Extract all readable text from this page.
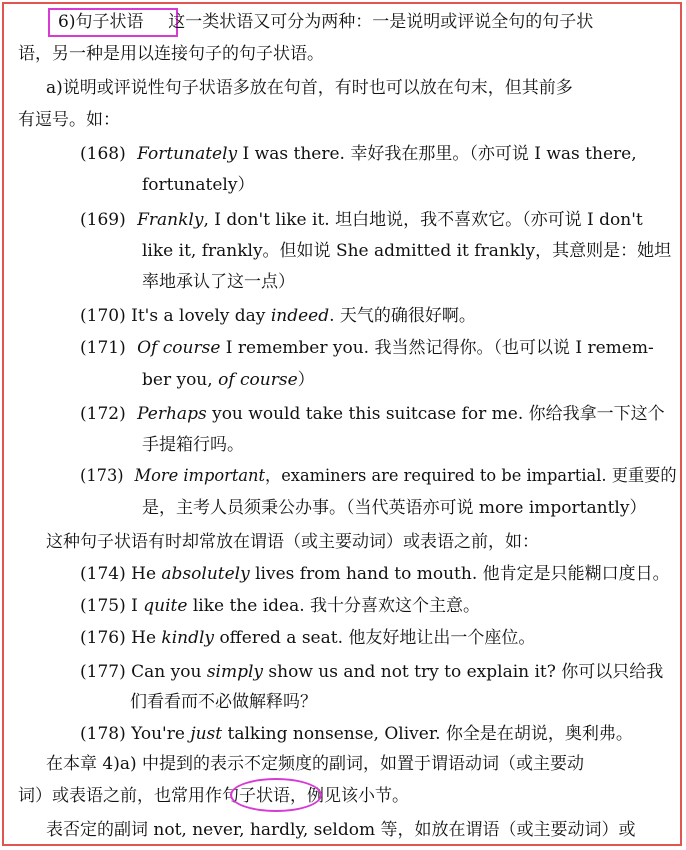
6)句子状语 这一类状语又可分为两种：一是说明或评说全句的句子状
语，另一种是用以连接句子的句子状语。
a)说明或评说性句子状语多放在句首，有时也可以放在句末，但其前多
有逗号。如：
(168) Fortunately I was there. 幸好我在那里。（亦可说 I was there,
fortunately）
(169) Frankly, I don't like it. 坦白地说，我不喜欢它。（亦可说 I don't
like it, frankly。但如说 She admitted it frankly，其意则是：她坦
率地承认了这一点）
(170) It's a lovely day indeed. 天气的确很好啊。
(171) Of course I remember you. 我当然记得你。（也可以说 I remem-
ber you, of course）
(172) Perhaps you would take this suitcase for me. 你给我拿一下这个
手提箱行吗。
(173) More important，examiners are required to be impartial. 更重要的
是，主考人员须秉公办事。（当代英语亦可说 more importantly）
这种句子状语有时却常放在谓语（或主要动词）或表语之前，如：
(174) He absolutely lives from hand to mouth. 他肯定是只能糊口度日。
(175) I quite like the idea. 我十分喜欢这个主意。
(176) He kindly offered a seat. 他友好地让出一个座位。
(177) Can you simply show us and not try to explain it? 你可以只给我
们看看而不必做解释吗？
(178) You're just talking nonsense, Oliver. 你全是在胡说，奥利弗。
在本章 4)a) 中提到的表示不定频度的副词，如置于谓语动词（或主要动
词）或表语之前，也常用作句子状语，例见该小节。
表否定的副词 not, never, hardly, seldom 等，如放在谓语（或主要动词）或
